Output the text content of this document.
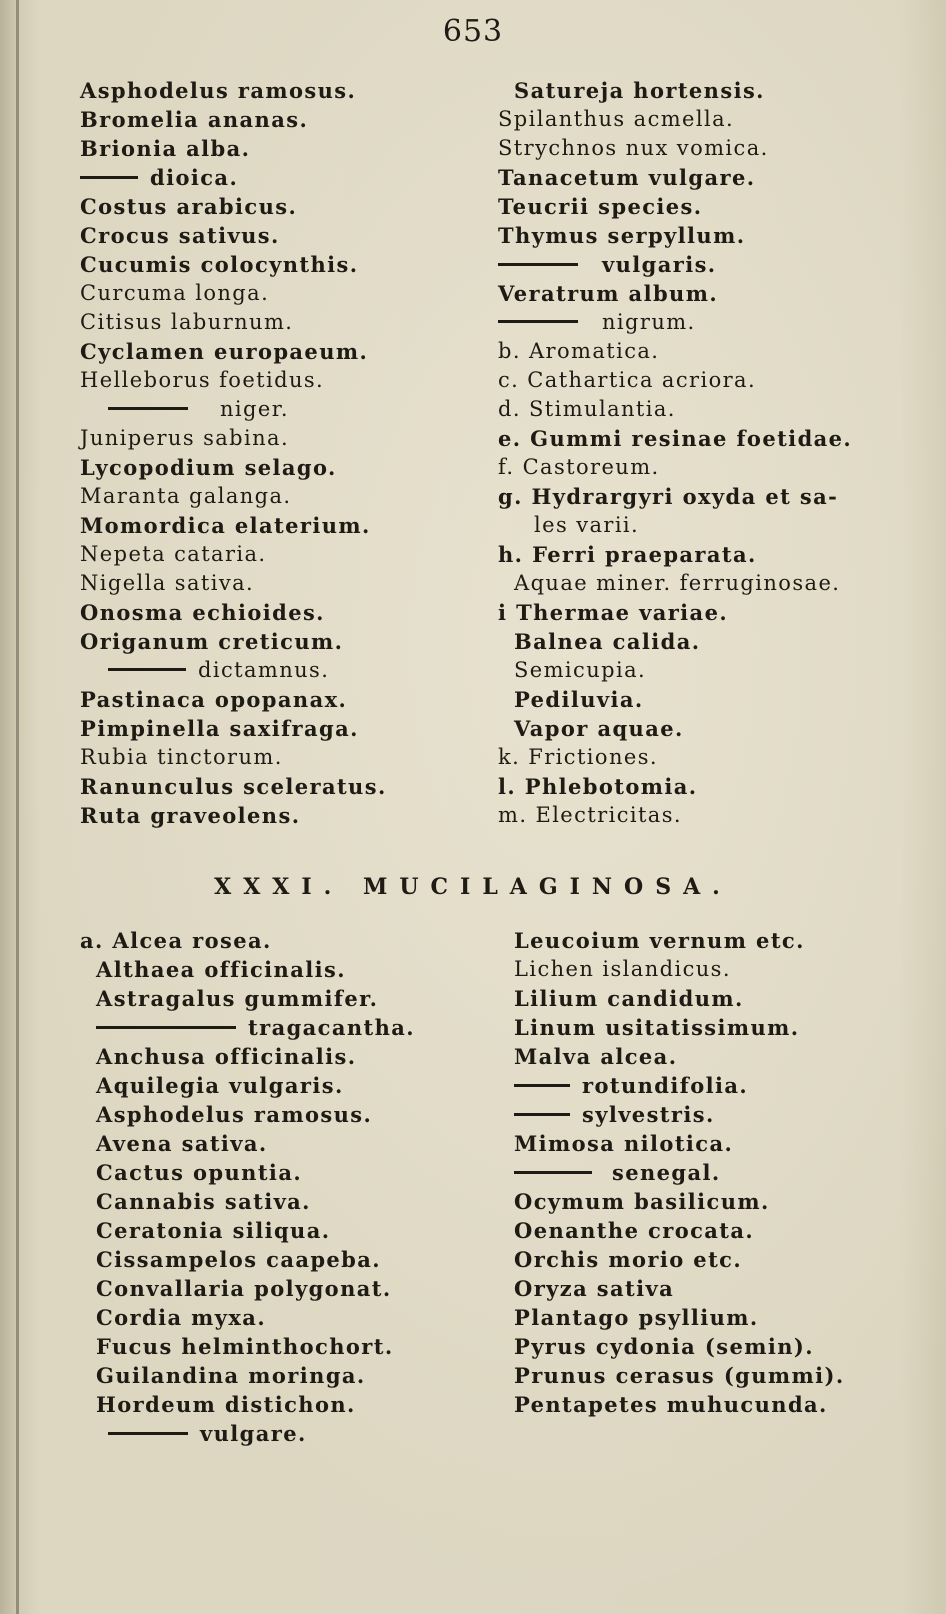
653
Asphodelus ramosus.
Bromelia ananas.
Brionia alba.
dioica.
Costus arabicus.
Crocus sativus.
Cucumis colocynthis.
Curcuma longa.
Citisus laburnum.
Cyclamen europaeum.
Helleborus foetidus.
niger.
Juniperus sabina.
Lycopodium selago.
Maranta galanga.
Momordica elaterium.
Nepeta cataria.
Nigella sativa.
Onosma echioides.
Origanum creticum.
dictamnus.
Pastinaca opopanax.
Pimpinella saxifraga.
Rubia tinctorum.
Ranunculus sceleratus.
Ruta graveolens.
Satureja hortensis.
Spilanthus acmella.
Strychnos nux vomica.
Tanacetum vulgare.
Teucrii species.
Thymus serpyllum.
vulgaris.
Veratrum album.
nigrum.
b. Aromatica.
c. Cathartica acriora.
d. Stimulantia.
e. Gummi resinae foetidae.
f. Castoreum.
g. Hydrargyri oxyda et sa-
les varii.
h. Ferri praeparata.
Aquae miner. ferruginosae.
i Thermae variae.
Balnea calida.
Semicupia.
Pediluvia.
Vapor aquae.
k. Frictiones.
l. Phlebotomia.
m. Electricitas.
XXXI. MUCILAGINOSA.
a. Alcea rosea.
Althaea officinalis.
Astragalus gummifer.
tragacantha.
Anchusa officinalis.
Aquilegia vulgaris.
Asphodelus ramosus.
Avena sativa.
Cactus opuntia.
Cannabis sativa.
Ceratonia siliqua.
Cissampelos caapeba.
Convallaria polygonat.
Cordia myxa.
Fucus helminthochort.
Guilandina moringa.
Hordeum distichon.
vulgare.
Leucoium vernum etc.
Lichen islandicus.
Lilium candidum.
Linum usitatissimum.
Malva alcea.
rotundifolia.
sylvestris.
Mimosa nilotica.
senegal.
Ocymum basilicum.
Oenanthe crocata.
Orchis morio etc.
Oryza sativa
Plantago psyllium.
Pyrus cydonia (semin).
Prunus cerasus (gummi).
Pentapetes muhucunda.
